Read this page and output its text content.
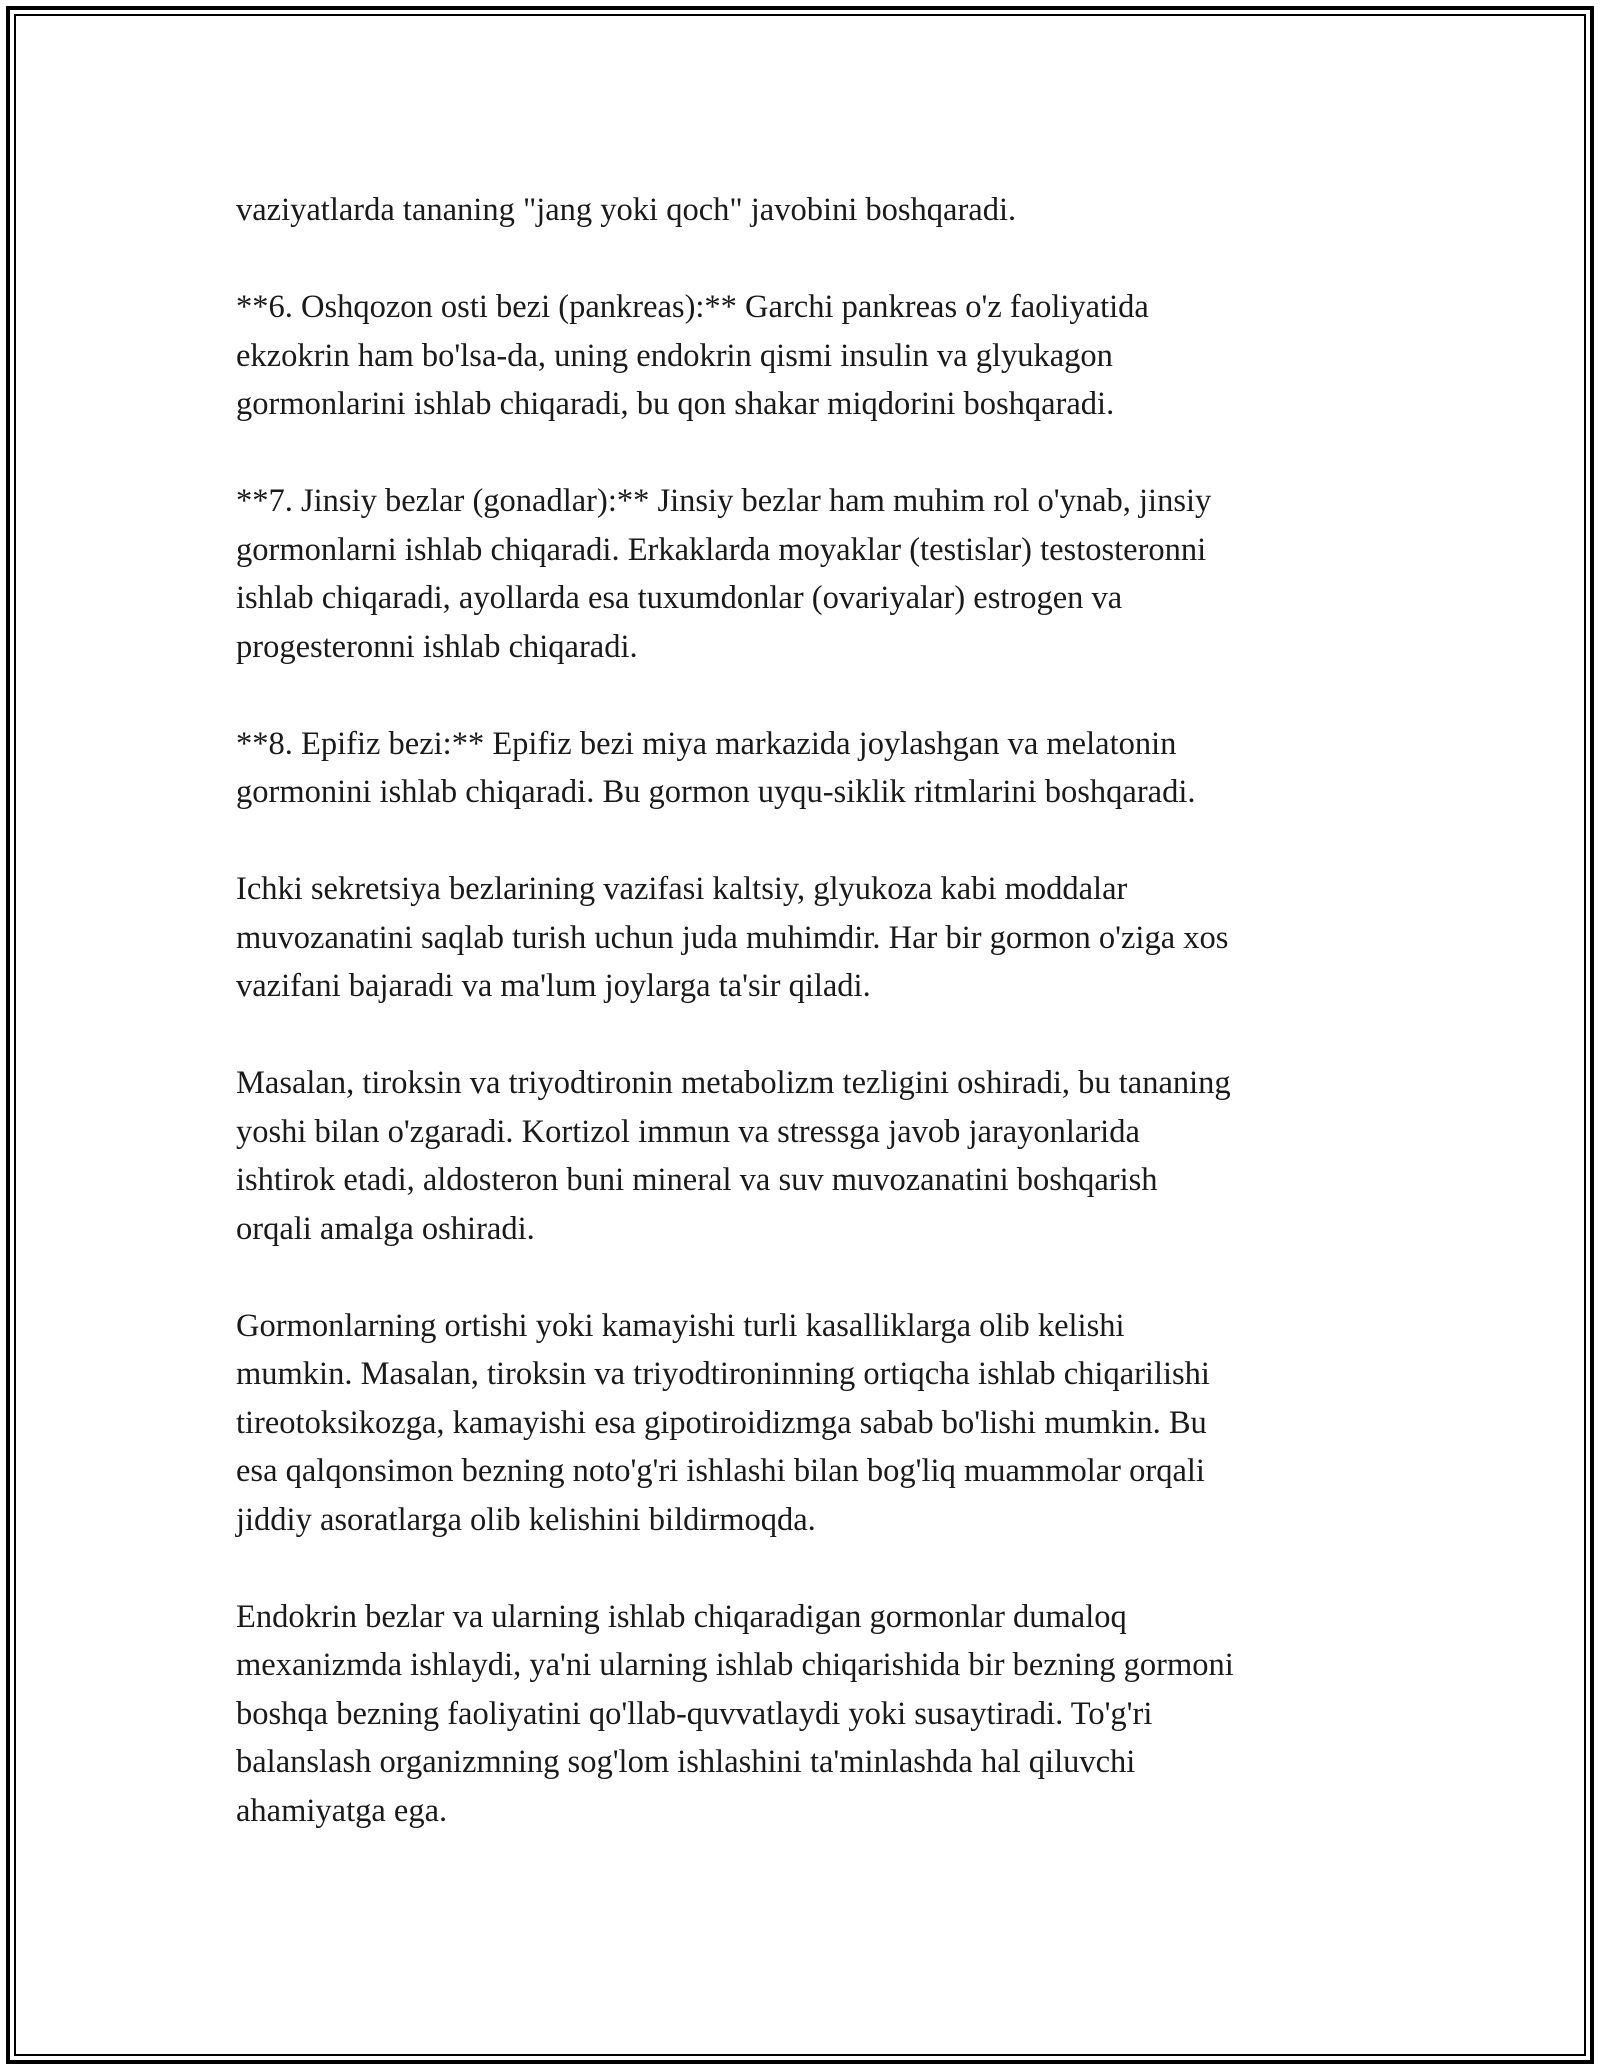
vaziyatlarda tananing "jang yoki qoch" javobini boshqaradi.

**6. Oshqozon osti bezi (pankreas):** Garchi pankreas o'z faoliyatida
ekzokrin ham bo'lsa-da, uning endokrin qismi insulin va glyukagon
gormonlarini ishlab chiqaradi, bu qon shakar miqdorini boshqaradi.

**7. Jinsiy bezlar (gonadlar):** Jinsiy bezlar ham muhim rol o'ynab, jinsiy
gormonlarni ishlab chiqaradi. Erkaklarda moyaklar (testislar) testosteronni
ishlab chiqaradi, ayollarda esa tuxumdonlar (ovariyalar) estrogen va
progesteronni ishlab chiqaradi.

**8. Epifiz bezi:** Epifiz bezi miya markazida joylashgan va melatonin
gormonini ishlab chiqaradi. Bu gormon uyqu-siklik ritmlarini boshqaradi.

Ichki sekretsiya bezlarining vazifasi kaltsiy, glyukoza kabi moddalar
muvozanatini saqlab turish uchun juda muhimdir. Har bir gormon o'ziga xos
vazifani bajaradi va ma'lum joylarga ta'sir qiladi.

Masalan, tiroksin va triyodtironin metabolizm tezligini oshiradi, bu tananing
yoshi bilan o'zgaradi. Kortizol immun va stressga javob jarayonlarida
ishtirok etadi, aldosteron buni mineral va suv muvozanatini boshqarish
orqali amalga oshiradi.

Gormonlarning ortishi yoki kamayishi turli kasalliklarga olib kelishi
mumkin. Masalan, tiroksin va triyodtironinning ortiqcha ishlab chiqarilishi
tireotoksikozga, kamayishi esa gipotiroidizmga sabab bo'lishi mumkin. Bu
esa qalqonsimon bezning noto'g'ri ishlashi bilan bog'liq muammolar orqali
jiddiy asoratlarga olib kelishini bildirmoqda.

Endokrin bezlar va ularning ishlab chiqaradigan gormonlar dumaloq
mexanizmda ishlaydi, ya'ni ularning ishlab chiqarishida bir bezning gormoni
boshqa bezning faoliyatini qo'llab-quvvatlaydi yoki susaytiradi. To'g'ri
balanslash organizmning sog'lom ishlashini ta'minlashda hal qiluvchi
ahamiyatga ega.
